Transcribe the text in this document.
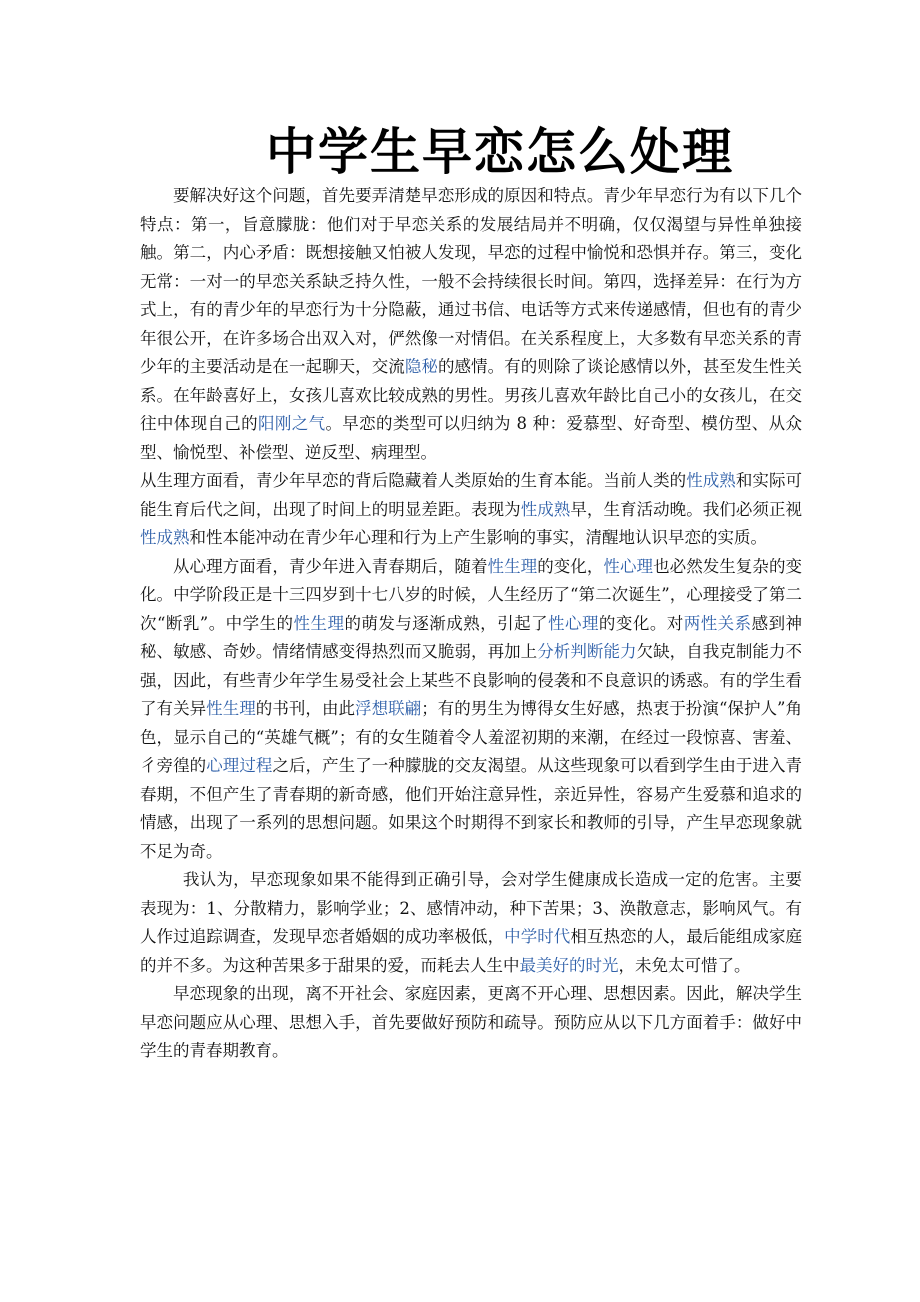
中学生早恋怎么处理

要解决好这个问题，首先要弄清楚早恋形成的原因和特点。青少年早恋行为有以下几个特点：第一，旨意朦胧：他们对于早恋关系的发展结局并不明确，仅仅渴望与异性单独接触。第二，内心矛盾：既想接触又怕被人发现，早恋的过程中愉悦和恐惧并存。第三，变化无常：一对一的早恋关系缺乏持久性，一般不会持续很长时间。第四，选择差异：在行为方式上，有的青少年的早恋行为十分隐蔽，通过书信、电话等方式来传递感情，但也有的青少年很公开，在许多场合出双入对，俨然像一对情侣。在关系程度上，大多数有早恋关系的青少年的主要活动是在一起聊天，交流隐秘的感情。有的则除了谈论感情以外，甚至发生性关系。在年龄喜好上，女孩儿喜欢比较成熟的男性。男孩儿喜欢年龄比自己小的女孩儿，在交往中体现自己的阳刚之气。早恋的类型可以归纳为 8 种：爱慕型、好奇型、模仿型、从众型、愉悦型、补偿型、逆反型、病理型。

从生理方面看，青少年早恋的背后隐藏着人类原始的生育本能。当前人类的性成熟和实际可能生育后代之间，出现了时间上的明显差距。表现为性成熟早，生育活动晚。我们必须正视性成熟和性本能冲动在青少年心理和行为上产生影响的事实，清醒地认识早恋的实质。

从心理方面看，青少年进入青春期后，随着性生理的变化，性心理也必然发生复杂的变化。中学阶段正是十三四岁到十七八岁的时候，人生经历了“第二次诞生”，心理接受了第二次“断乳”。中学生的性生理的萌发与逐渐成熟，引起了性心理的变化。对两性关系感到神秘、敏感、奇妙。情绪情感变得热烈而又脆弱，再加上分析判断能力欠缺，自我克制能力不强，因此，有些青少年学生易受社会上某些不良影响的侵袭和不良意识的诱惑。有的学生看了有关异性生理的书刊，由此浮想联翩；有的男生为博得女生好感，热衷于扮演“保护人”角色，显示自己的“英雄气概”；有的女生随着令人羞涩初期的来潮，在经过一段惊喜、害羞、彳旁徨的心理过程之后，产生了一种朦胧的交友渴望。从这些现象可以看到学生由于进入青春期，不但产生了青春期的新奇感，他们开始注意异性，亲近异性，容易产生爱慕和追求的情感，出现了一系列的思想问题。如果这个时期得不到家长和教师的引导，产生早恋现象就不足为奇。

我认为，早恋现象如果不能得到正确引导，会对学生健康成长造成一定的危害。主要表现为：1、分散精力，影响学业；2、感情冲动，种下苦果；3、涣散意志，影响风气。有人作过追踪调查，发现早恋者婚姻的成功率极低，中学时代相互热恋的人，最后能组成家庭的并不多。为这种苦果多于甜果的爱，而耗去人生中最美好的时光，未免太可惜了。

早恋现象的出现，离不开社会、家庭因素，更离不开心理、思想因素。因此，解决学生早恋问题应从心理、思想入手，首先要做好预防和疏导。预防应从以下几方面着手：做好中学生的青春期教育。
